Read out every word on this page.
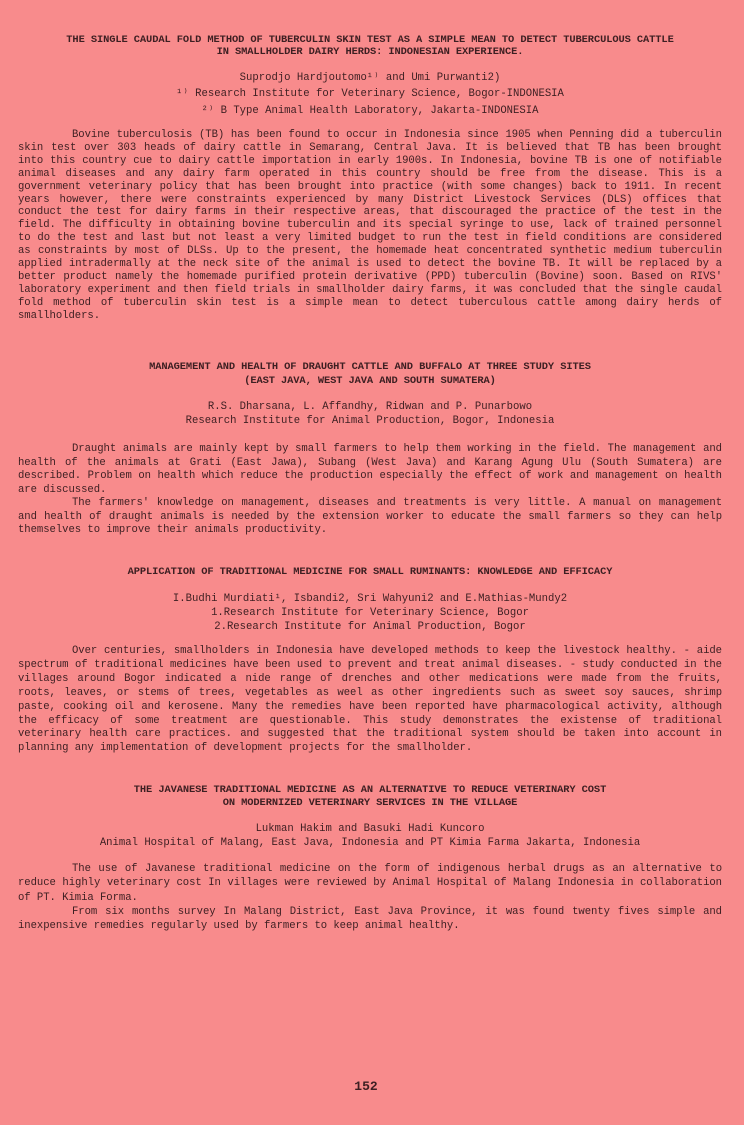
THE SINGLE CAUDAL FOLD METHOD OF TUBERCULIN SKIN TEST AS A SIMPLE MEAN TO DETECT TUBERCULOUS CATTLE
IN SMALLHOLDER DAIRY HERDS: INDONESIAN EXPERIENCE.
Suprodjo Hardjoutomo¹⁾ and Umi Purwanti2)
¹⁾ Research Institute for Veterinary Science, Bogor-INDONESIA
²⁾ B Type Animal Health Laboratory, Jakarta-INDONESIA

Bovine tuberculosis (TB) has been found to occur in Indonesia since 1905 when Penning did a tuberculin skin test over 303 heads of dairy cattle in Semarang, Central Java. It is believed that TB has been brought into this country cue to dairy cattle importation in early 1900s. In Indonesia, bovine TB is one of notifiable animal diseases and any dairy farm operated in this country should be free from the disease. This is a government veterinary policy that has been brought into practice (with some changes) back to 1911. In recent years however, there were constraints experienced by many District Livestock Services (DLS) offices that conduct the test for dairy farms in their respective areas, that discouraged the practice of the test in the field. The difficulty in obtaining bovine tuberculin and its special syringe to use, lack of trained personnel to do the test and last but not least a very limited budget to run the test in field conditions are considered as constraints by most of DLSs. Up to the present, the homemade heat concentrated synthetic medium tuberculin applied intradermally at the neck site of the animal is used to detect the bovine TB. It will be replaced by a better product namely the homemade purified protein derivative (PPD) tuberculin (Bovine) soon. Based on RIVS' laboratory experiment and then field trials in smallholder dairy farms, it was concluded that the single caudal fold method of tuberculin skin test is a simple mean to detect tuberculous cattle among dairy herds of smallholders.

MANAGEMENT AND HEALTH OF DRAUGHT CATTLE AND BUFFALO AT THREE STUDY SITES
(EAST JAVA, WEST JAVA AND SOUTH SUMATERA)
R.S. Dharsana, L. Affandhy, Ridwan and P. Punarbowo
Research Institute for Animal Production, Bogor, Indonesia

Draught animals are mainly kept by small farmers to help them working in the field. The management and health of the animals at Grati (East Jawa), Subang (West Java) and Karang Agung Ulu (South Sumatera) are described. Problem on health which reduce the production especially the effect of work and management on health are discussed.

The farmers' knowledge on management, diseases and treatments is very little. A manual on management and health of draught animals is needed by the extension worker to educate the small farmers so they can help themselves to improve their animals productivity.

APPLICATION OF TRADITIONAL MEDICINE FOR SMALL RUMINANTS: KNOWLEDGE AND EFFICACY
I.Budhi Murdiati¹, Isbandi2, Sri Wahyuni2 and E.Mathias-Mundy2
1.Research Institute for Veterinary Science, Bogor
2.Research Institute for Animal Production, Bogor

Over centuries, smallholders in Indonesia have developed methods to keep the livestock healthy. - aide spectrum of traditional medicines have been used to prevent and treat animal diseases. - study conducted in the villages around Bogor indicated a nide range of drenches and other medications were made from the fruits, roots, leaves, or stems of trees, vegetables as weel as other ingredients such as sweet soy sauces, shrimp paste, cooking oil and kerosene. Many the remedies have been reported have pharmacological activity, although the efficacy of some treatment are questionable. This study demonstrates the existense of traditional veterinary health care practices. and suggested that the traditional system should be taken into account in planning any implementation of development projects for the smallholder.

THE JAVANESE TRADITIONAL MEDICINE AS AN ALTERNATIVE TO REDUCE VETERINARY COST
ON MODERNIZED VETERINARY SERVICES IN THE VILLAGE
Lukman Hakim and Basuki Hadi Kuncoro
Animal Hospital of Malang, East Java, Indonesia and PT Kimia Farma Jakarta, Indonesia

The use of Javanese traditional medicine on the form of indigenous herbal drugs as an alternative to reduce highly veterinary cost In villages were reviewed by Animal Hospital of Malang Indonesia in collaboration of PT. Kimia Forma.

From six months survey In Malang District, East Java Province, it was found twenty fives simple and inexpensive remedies regularly used by farmers to keep animal healthy.

152
